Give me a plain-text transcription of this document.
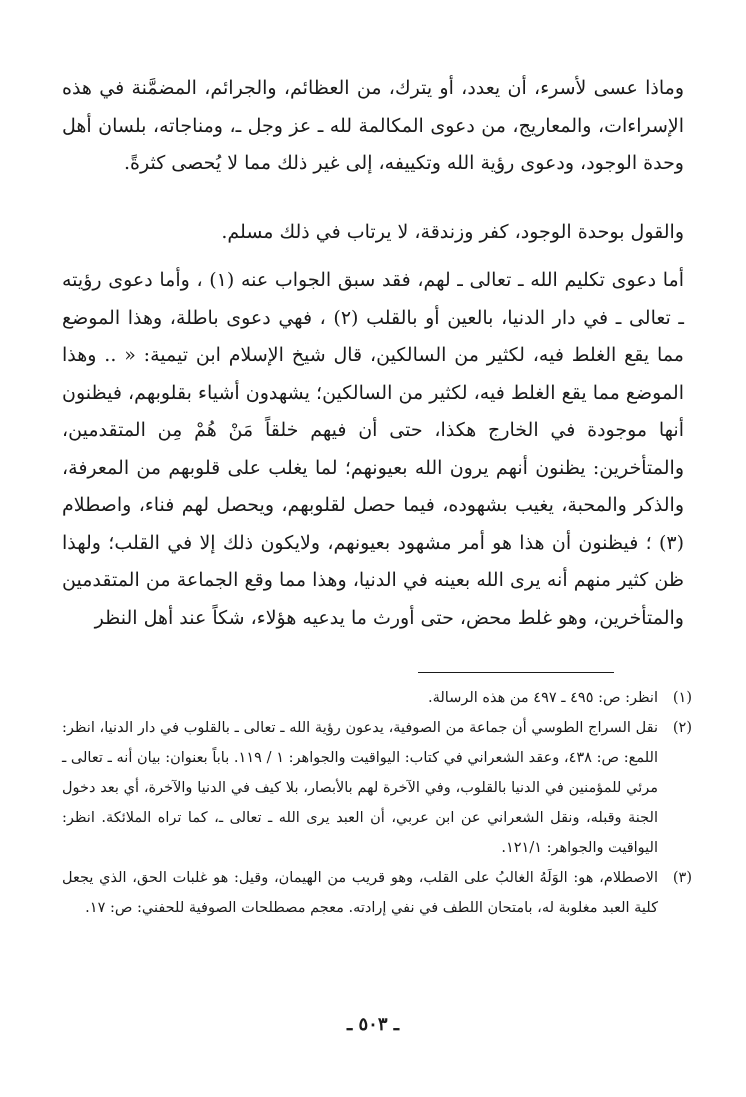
وماذا عسى لأسرء، أن يعدد، أو يترك، من العظائم، والجرائم، المضمَّنة في هذه الإسراءات، والمعاريج، من دعوى المكالمة لله ـ عز وجل ـ، ومناجاته، بلسان أهل وحدة الوجود، ودعوى رؤية الله وتكييفه، إلى غير ذلك مما لا يُحصى كثرةً.
والقول بوحدة الوجود، كفر وزندقة، لا يرتاب في ذلك مسلم.
أما دعوى تكليم الله ـ تعالى ـ لهم، فقد سبق الجواب عنه (١) ، وأما دعوى رؤيته ـ تعالى ـ في دار الدنيا، بالعين أو بالقلب (٢) ، فهي دعوى باطلة، وهذا الموضع مما يقع الغلط فيه، لكثير من السالكين، قال شيخ الإسلام ابن تيمية: « .. وهذا الموضع مما يقع الغلط فيه، لكثير من السالكين؛ يشهدون أشياء بقلوبهم، فيظنون أنها موجودة في الخارج هكذا، حتى أن فيهم خلقاً مَنْ هُمْ مِن المتقدمين، والمتأخرين: يظنون أنهم يرون الله بعيونهم؛ لما يغلب على قلوبهم من المعرفة، والذكر والمحبة، يغيب بشهوده، فيما حصل لقلوبهم، ويحصل لهم فناء، واصطلام (٣) ؛ فيظنون أن هذا هو أمر مشهود بعيونهم، ولايكون ذلك إلا في القلب؛ ولهذا ظن كثير منهم أنه يرى الله بعينه في الدنيا، وهذا مما وقع الجماعة من المتقدمين والمتأخرين، وهو غلط محض، حتى أورث ما يدعيه هؤلاء، شكاً عند أهل النظر
(١)
انظر: ص: ٤٩٥ ـ ٤٩٧ من هذه الرسالة.
(٢)
نقل السراج الطوسي أن جماعة من الصوفية، يدعون رؤية الله ـ تعالى ـ بالقلوب في دار الدنيا، انظر: اللمع: ص: ٤٣٨، وعقد الشعراني في كتاب: اليواقيت والجواهر: ١ / ١١٩. باباً بعنوان: بيان أنه ـ تعالى ـ مرئي للمؤمنين في الدنيا بالقلوب، وفي الآخرة لهم بالأبصار، بلا كيف في الدنيا والآخرة، أي بعد دخول الجنة وقبله، ونقل الشعراني عن ابن عربي، أن العبد يرى الله ـ تعالى ـ، كما تراه الملائكة. انظر: اليواقيت والجواهر: ١٢١/١.
(٣)
الاصطلام، هو: الوَلَهُ الغالبُ على القلب، وهو قريب من الهيمان، وقيل: هو غلبات الحق، الذي يجعل كلية العبد مغلوبة له، بامتحان اللطف في نفي إرادته. معجم مصطلحات الصوفية للحفني: ص: ١٧.
ـ ٥٠٣ ـ
